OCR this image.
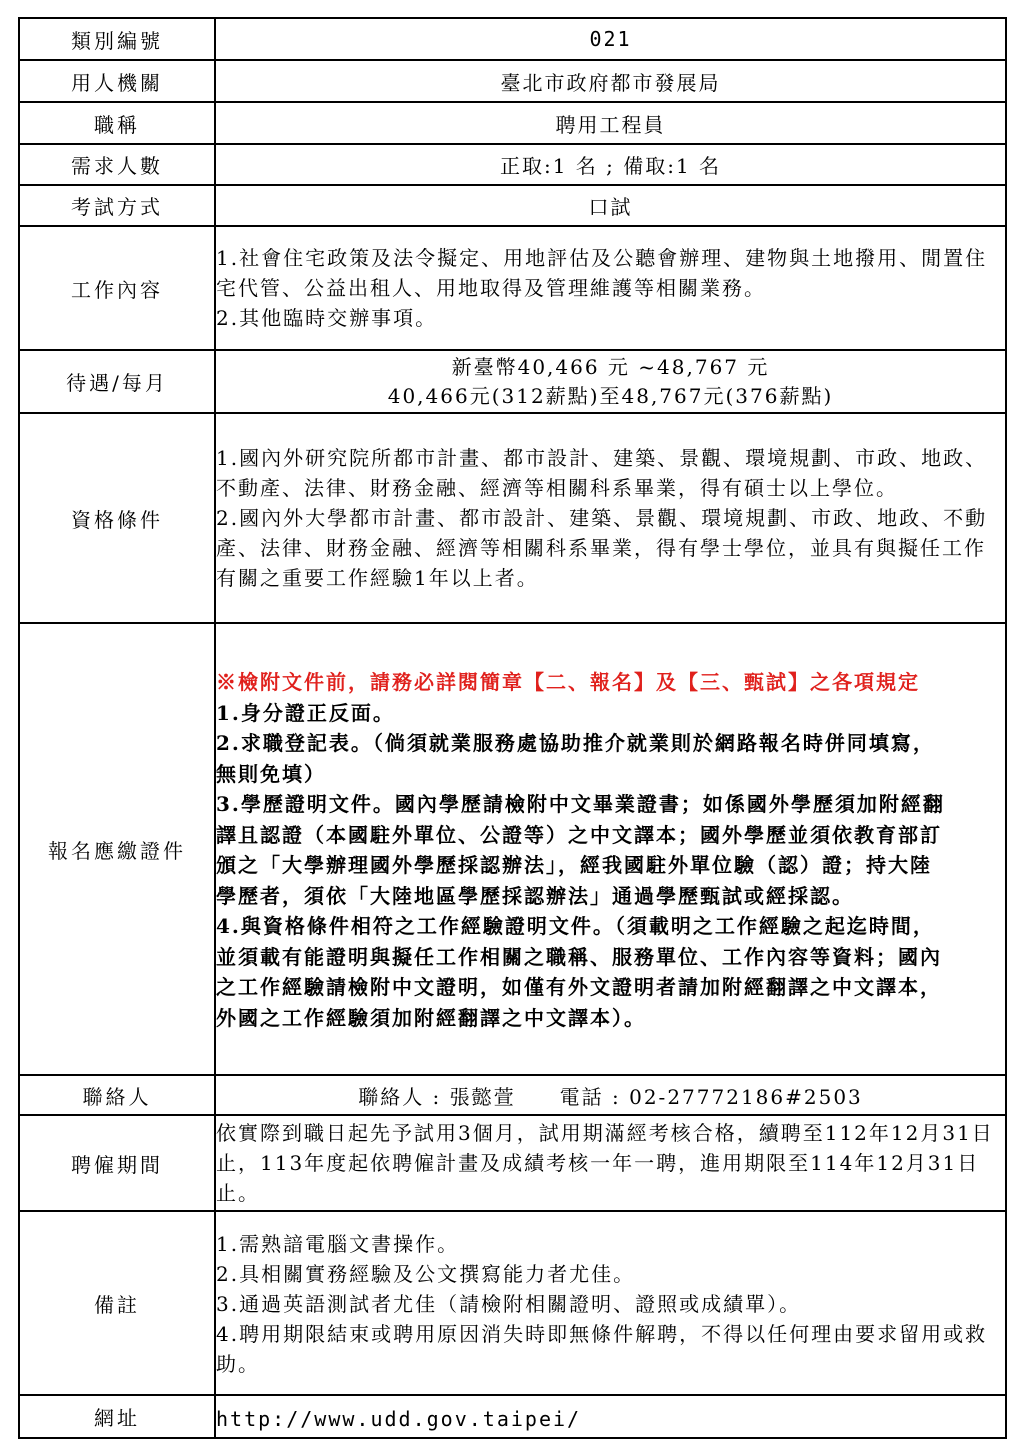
類別編號	021
用人機關	臺北市政府都市發展局
職稱	聘用工程員
需求人數	正取:1 名 ; 備取:1 名
考試方式	口試
工作內容	1.社會住宅政策及法令擬定、用地評估及公聽會辦理、建物與土地撥用、閒置住宅代管、公益出租人、用地取得及管理維護等相關業務。

2.其他臨時交辦事項。

待遇/每月	新臺幣40,466 元 ~48,767 元
40,466元(312薪點)至48,767元(376薪點)

資格條件	1.國內外研究院所都市計畫、都市設計、建築、景觀、環境規劃、市政、地政、不動產、法律、財務金融、經濟等相關科系畢業，得有碩士以上學位。

2.國內外大學都市計畫、都市設計、建築、景觀、環境規劃、市政、地政、不動產、法律、財務金融、經濟等相關科系畢業，得有學士學位，並具有與擬任工作有關之重要工作經驗1年以上者。

報名應繳證件	※檢附文件前，請務必詳閱簡章【二、報名】及【三、甄試】之各項規定

1.身分證正反面。

2.求職登記表。（倘須就業服務處協助推介就業則於網路報名時併同填寫，無則免填）

3.學歷證明文件。國內學歷請檢附中文畢業證書；如係國外學歷須加附經翻譯且認證（本國駐外單位、公證等）之中文譯本；國外學歷並須依教育部訂頒之「大學辦理國外學歷採認辦法」，經我國駐外單位驗（認）證；持大陸學歷者，須依「大陸地區學歷採認辦法」通過學歷甄試或經採認。

4.與資格條件相符之工作經驗證明文件。（須載明之工作經驗之起迄時間，並須載有能證明與擬任工作相關之職稱、服務單位、工作內容等資料；國內之工作經驗請檢附中文證明，如僅有外文證明者請加附經翻譯之中文譯本，外國之工作經驗須加附經翻譯之中文譯本）。

聯絡人	聯絡人 : 張懿萱　　電話 : 02-27772186#2503
聘僱期間	依實際到職日起先予試用3個月，試用期滿經考核合格，續聘至112年12月31日止，113年度起依聘僱計畫及成績考核一年一聘，進用期限至114年12月31日止。

備註	1.需熟諳電腦文書操作。

2.具相關實務經驗及公文撰寫能力者尤佳。

3.通過英語測試者尤佳（請檢附相關證明、證照或成績單）。

4.聘用期限結束或聘用原因消失時即無條件解聘，不得以任何理由要求留用或救助。

網址	http://www.udd.gov.taipei/
